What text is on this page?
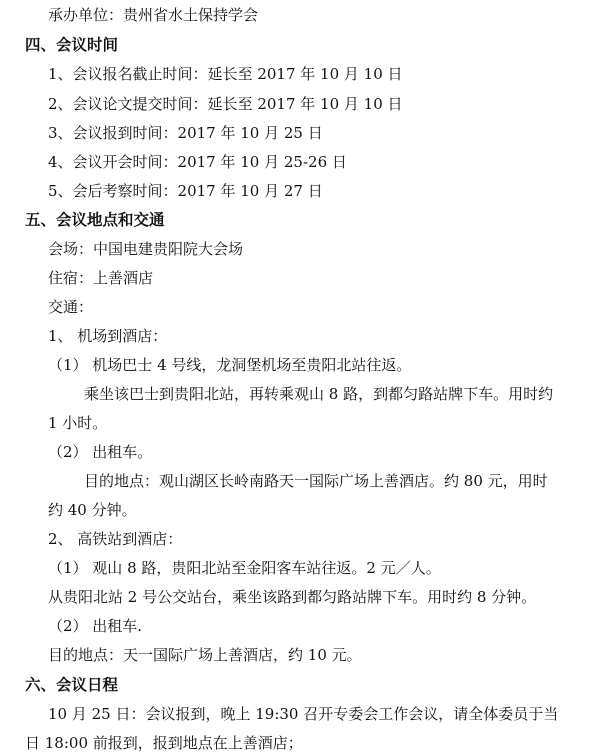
承办单位：贵州省水土保持学会
四、会议时间
1、会议报名截止时间：延长至 2017 年 10 月 10 日
2、会议论文提交时间：延长至 2017 年 10 月 10 日
3、会议报到时间：2017 年 10 月 25 日
4、会议开会时间：2017 年 10 月 25-26 日
5、会后考察时间：2017 年 10 月 27 日
五、会议地点和交通
会场：中国电建贵阳院大会场
住宿：上善酒店
交通：
1、 机场到酒店：
（1） 机场巴士 4 号线，龙洞堡机场至贵阳北站往返。
乘坐该巴士到贵阳北站，再转乘观山 8 路，到都匀路站牌下车。用时约
1 小时。
（2） 出租车。
目的地点：观山湖区长岭南路天一国际广场上善酒店。约 80 元，用时
约 40 分钟。
2、 高铁站到酒店：
（1） 观山 8 路，贵阳北站至金阳客车站往返。2 元／人。
从贵阳北站 2 号公交站台，乘坐该路到都匀路站牌下车。用时约 8 分钟。
（2） 出租车.
目的地点：天一国际广场上善酒店，约 10 元。
六、会议日程
10 月 25 日：会议报到，晚上 19:30 召开专委会工作会议，请全体委员于当
日 18:00 前报到，报到地点在上善酒店；
